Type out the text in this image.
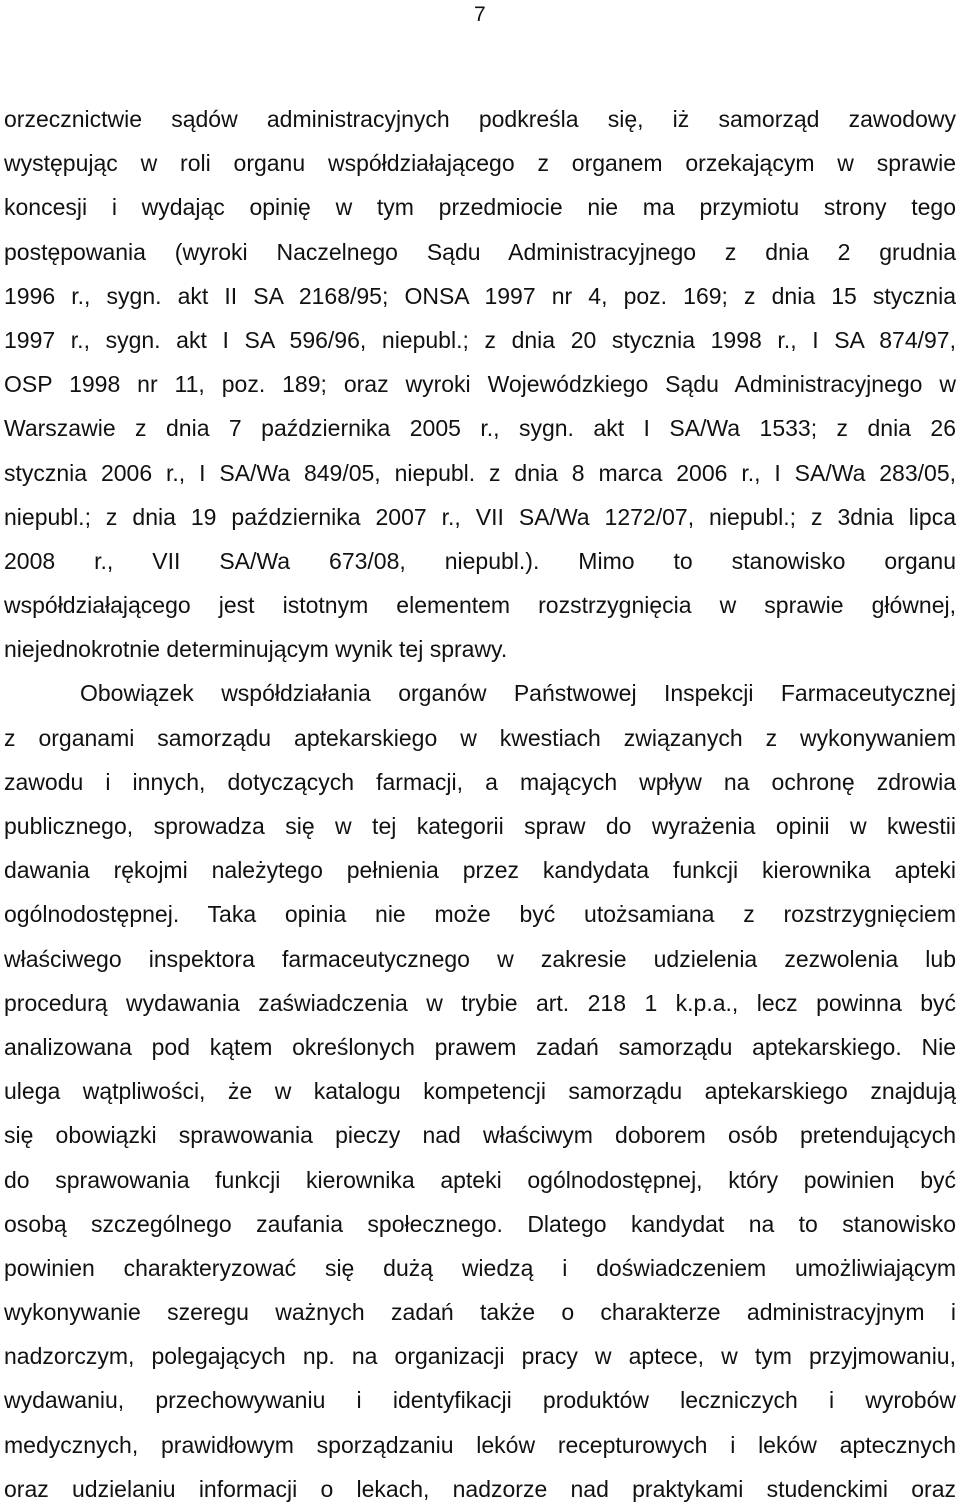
7
orzecznictwie sądów administracyjnych podkreśla się, iż samorząd zawodowy
występując w roli organu współdziałającego z organem orzekającym w sprawie
koncesji i wydając opinię w tym przedmiocie nie ma przymiotu strony tego
postępowania (wyroki Naczelnego Sądu Administracyjnego z dnia 2 grudnia
1996 r., sygn. akt II SA 2168/95; ONSA 1997 nr 4, poz. 169; z dnia 15 stycznia
1997 r., sygn. akt I SA 596/96, niepubl.; z dnia 20 stycznia 1998 r., I SA 874/97,
OSP 1998 nr 11, poz. 189; oraz wyroki Wojewódzkiego Sądu Administracyjnego w
Warszawie z dnia 7 października 2005 r., sygn. akt I SA/Wa 1533; z dnia 26
stycznia 2006 r., I SA/Wa 849/05, niepubl. z dnia 8 marca 2006 r., I SA/Wa 283/05,
niepubl.; z dnia 19 października 2007 r., VII SA/Wa 1272/07, niepubl.; z 3dnia lipca
2008 r., VII SA/Wa 673/08, niepubl.). Mimo to stanowisko organu
współdziałającego jest istotnym elementem rozstrzygnięcia w sprawie głównej,
niejednokrotnie determinującym wynik tej sprawy.
Obowiązek współdziałania organów Państwowej Inspekcji Farmaceutycznej
z organami samorządu aptekarskiego w kwestiach związanych z wykonywaniem
zawodu i innych, dotyczących farmacji, a mających wpływ na ochronę zdrowia
publicznego, sprowadza się w tej kategorii spraw do wyrażenia opinii w kwestii
dawania rękojmi należytego pełnienia przez kandydata funkcji kierownika apteki
ogólnodostępnej. Taka opinia nie może być utożsamiana z rozstrzygnięciem
właściwego inspektora farmaceutycznego w zakresie udzielenia zezwolenia lub
procedurą wydawania zaświadczenia w trybie art. 218 1 k.p.a., lecz powinna być
analizowana pod kątem określonych prawem zadań samorządu aptekarskiego. Nie
ulega wątpliwości, że w katalogu kompetencji samorządu aptekarskiego znajdują
się obowiązki sprawowania pieczy nad właściwym doborem osób pretendujących
do sprawowania funkcji kierownika apteki ogólnodostępnej, który powinien być
osobą szczególnego zaufania społecznego. Dlatego kandydat na to stanowisko
powinien charakteryzować się dużą wiedzą i doświadczeniem umożliwiającym
wykonywanie szeregu ważnych zadań także o charakterze administracyjnym i
nadzorczym, polegających np. na organizacji pracy w aptece, w tym przyjmowaniu,
wydawaniu, przechowywaniu i identyfikacji produktów leczniczych i wyrobów
medycznych, prawidłowym sporządzaniu leków recepturowych i leków aptecznych
oraz udzielaniu informacji o lekach, nadzorze nad praktykami studenckimi oraz
